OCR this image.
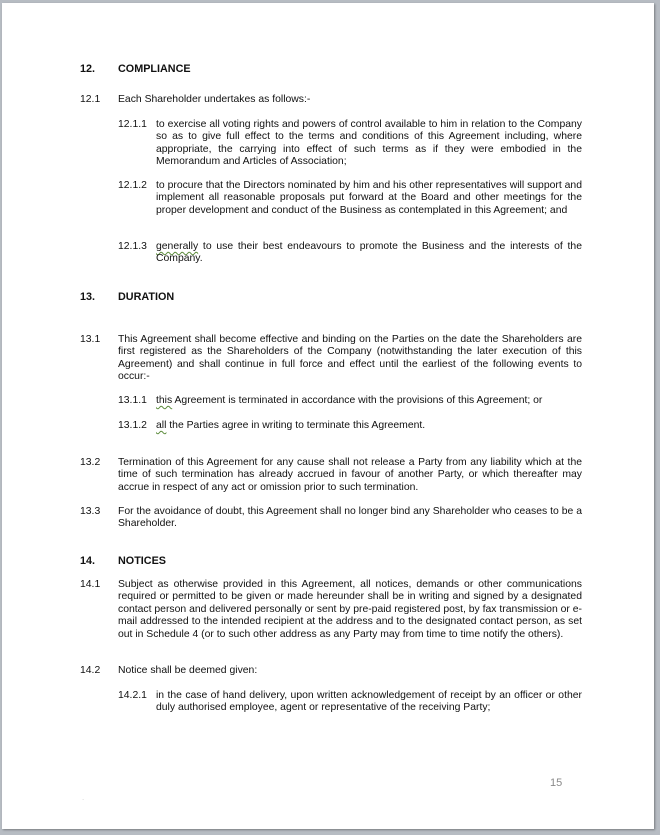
12. COMPLIANCE
12.1 Each Shareholder undertakes as follows:-
12.1.1 to exercise all voting rights and powers of control available to him in relation to the Company so as to give full effect to the terms and conditions of this Agreement including, where appropriate, the carrying into effect of such terms as if they were embodied in the Memorandum and Articles of Association;
12.1.2 to procure that the Directors nominated by him and his other representatives will support and implement all reasonable proposals put forward at the Board and other meetings for the proper development and conduct of the Business as contemplated in this Agreement; and
12.1.3 generally to use their best endeavours to promote the Business and the interests of the Company.
13. DURATION
13.1 This Agreement shall become effective and binding on the Parties on the date the Shareholders are first registered as the Shareholders of the Company (notwithstanding the later execution of this Agreement) and shall continue in full force and effect until the earliest of the following events to occur:-
13.1.1 this Agreement is terminated in accordance with the provisions of this Agreement; or
13.1.2 all the Parties agree in writing to terminate this Agreement.
13.2 Termination of this Agreement for any cause shall not release a Party from any liability which at the time of such termination has already accrued in favour of another Party, or which thereafter may accrue in respect of any act or omission prior to such termination.
13.3 For the avoidance of doubt, this Agreement shall no longer bind any Shareholder who ceases to be a Shareholder.
14. NOTICES
14.1 Subject as otherwise provided in this Agreement, all notices, demands or other communications required or permitted to be given or made hereunder shall be in writing and signed by a designated contact person and delivered personally or sent by pre-paid registered post, by fax transmission or e-mail addressed to the intended recipient at the address and to the designated contact person, as set out in Schedule 4 (or to such other address as any Party may from time to time notify the others).
14.2 Notice shall be deemed given:
14.2.1 in the case of hand delivery, upon written acknowledgement of receipt by an officer or other duly authorised employee, agent or representative of the receiving Party;
15
.
